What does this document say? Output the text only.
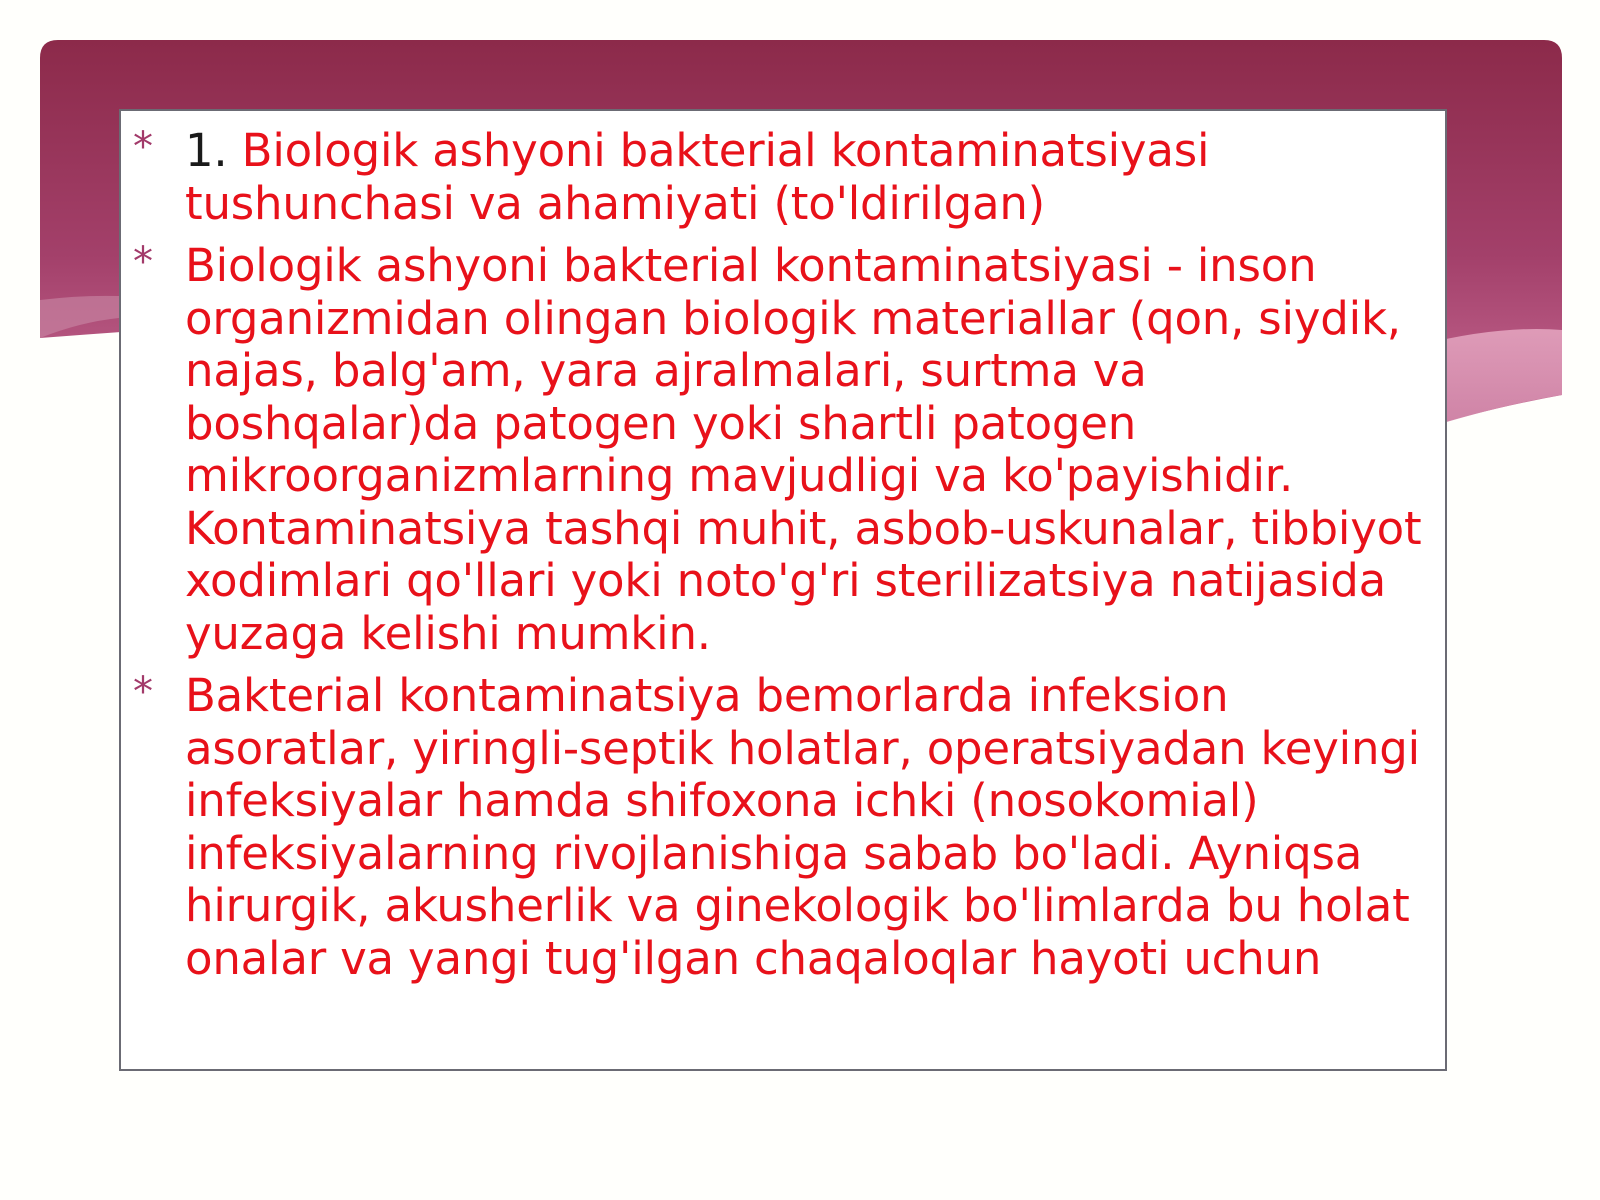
* 1. Biologik ashyoni bakterial kontaminatsiyasi tushunchasi va ahamiyati (to'ldirilgan)
* Biologik ashyoni bakterial kontaminatsiyasi - inson organizmidan olingan biologik materiallar (qon, siydik, najas, balg'am, yara ajralmalari, surtma va boshqalar)da patogen yoki shartli patogen mikroorganizmlarning mavjudligi va ko'payishidir. Kontaminatsiya tashqi muhit, asbob-uskunalar, tibbiyot xodimlari qo'llari yoki noto'g'ri sterilizatsiya natijasida yuzaga kelishi mumkin.
* Bakterial kontaminatsiya bemorlarda infeksion asoratlar, yiringli-septik holatlar, operatsiyadan keyingi infeksiyalar hamda shifoxona ichki (nosokomial) infeksiyalarning rivojlanishiga sabab bo'ladi. Ayniqsa hirurgik, akusherlik va ginekologik bo'limlarda bu holat onalar va yangi tug'ilgan chaqaloqlar hayoti uchun
